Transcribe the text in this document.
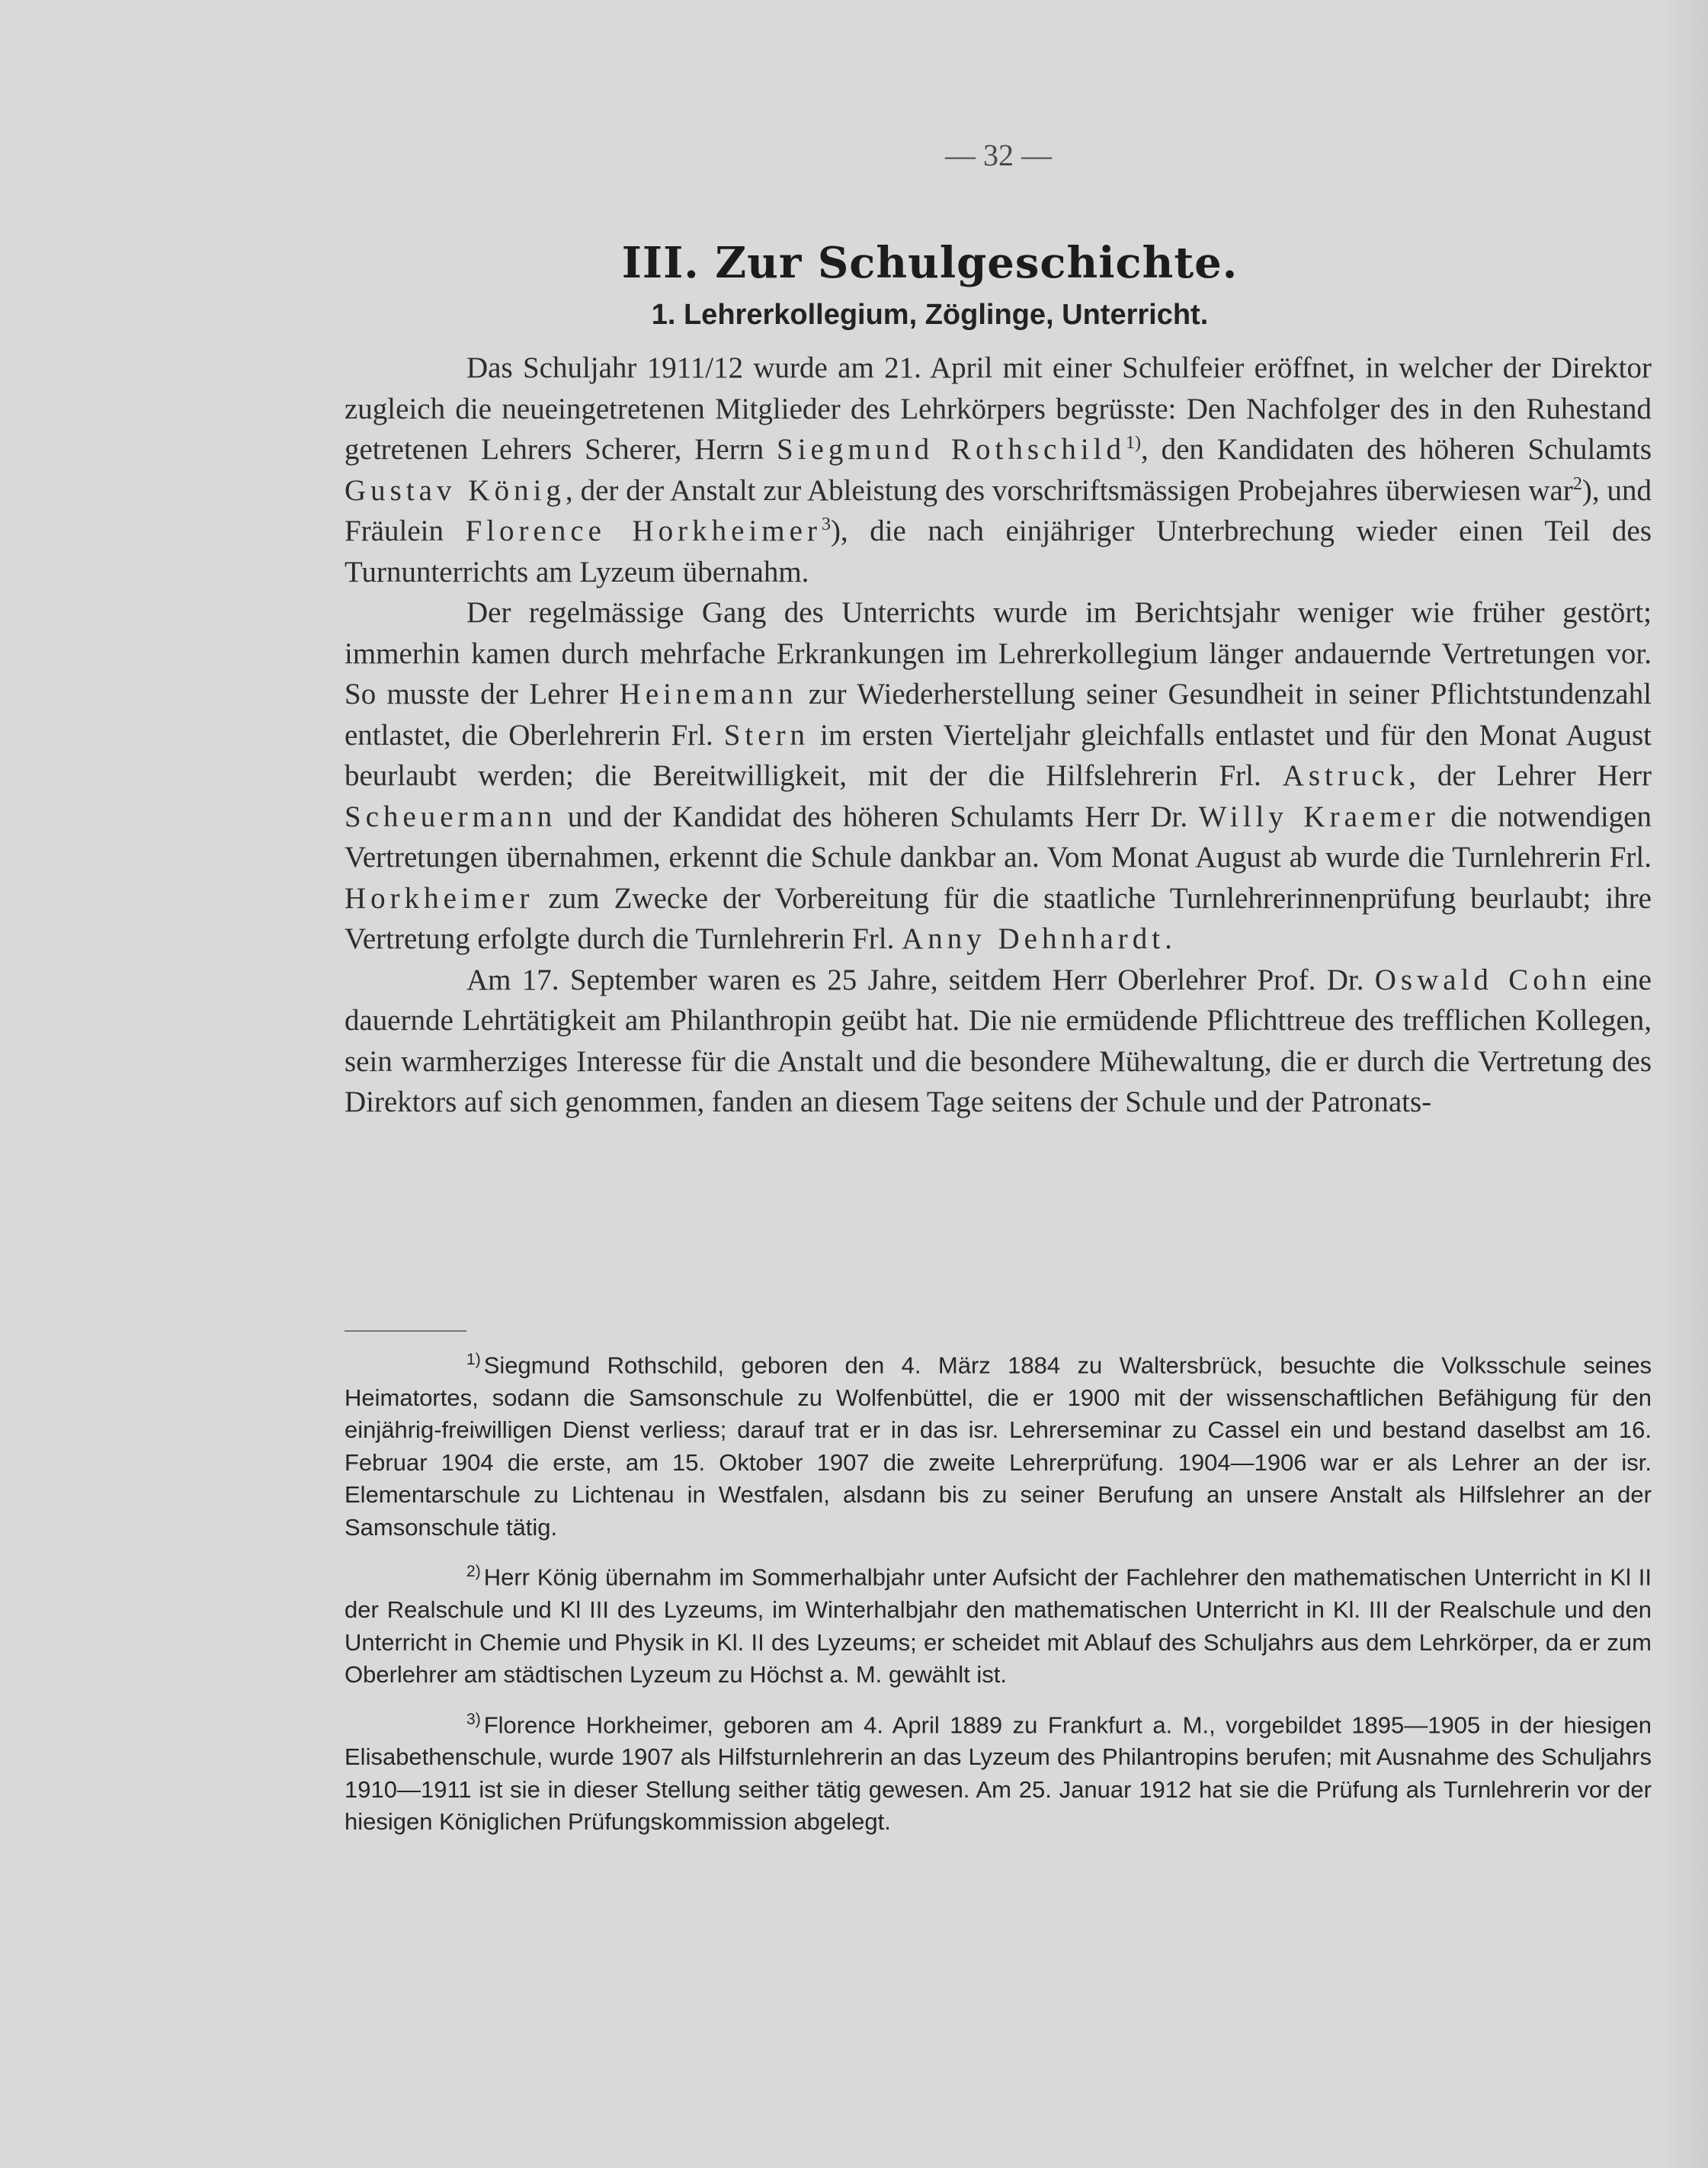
— 32 —
III. Zur Schulgeschichte.
1. Lehrerkollegium, Zöglinge, Unterricht.

Das Schuljahr 1911/12 wurde am 21. April mit einer Schulfeier eröffnet, in welcher der Direktor zugleich die neueingetretenen Mitglieder des Lehrkörpers begrüsste: Den Nachfolger des in den Ruhestand getretenen Lehrers Scherer, Herrn Siegmund Rothschild$^{1)}$, den Kandidaten des höheren Schulamts Gustav König, der der Anstalt zur Ableistung des vorschriftsmässigen Probejahres überwiesen war$^2$), und Fräulein Florence Horkheimer$^3$), die nach einjähriger Unterbrechung wieder einen Teil des Turnunterrichts am Lyzeum übernahm.

Der regelmässige Gang des Unterrichts wurde im Berichtsjahr weniger wie früher gestört; immerhin kamen durch mehrfache Erkrankungen im Lehrerkollegium länger andauernde Vertretungen vor. So musste der Lehrer Heinemann zur Wiederherstellung seiner Gesundheit in seiner Pflichtstundenzahl entlastet, die Oberlehrerin Frl. Stern im ersten Vierteljahr gleichfalls entlastet und für den Monat August beurlaubt werden; die Bereitwilligkeit, mit der die Hilfslehrerin Frl. Astruck, der Lehrer Herr Scheuermann und der Kandidat des höheren Schulamts Herr Dr. Willy Kraemer die notwendigen Vertretungen übernahmen, erkennt die Schule dankbar an. Vom Monat August ab wurde die Turnlehrerin Frl. Horkheimer zum Zwecke der Vorbereitung für die staatliche Turnlehrerinnenprüfung beurlaubt; ihre Vertretung erfolgte durch die Turnlehrerin Frl. Anny Dehnhardt.

Am 17. September waren es 25 Jahre, seitdem Herr Oberlehrer Prof. Dr. Oswald Cohn eine dauernde Lehrtätigkeit am Philanthropin geübt hat. Die nie ermüdende Pflichttreue des trefflichen Kollegen, sein warmherziges Interesse für die Anstalt und die besondere Mühewaltung, die er durch die Vertretung des Direktors auf sich genommen, fanden an diesem Tage seitens der Schule und der Patronats-

$^{1)}$ Siegmund Rothschild, geboren den 4. März 1884 zu Waltersbrück, besuchte die Volksschule seines Heimatortes, sodann die Samsonschule zu Wolfenbüttel, die er 1900 mit der wissenschaftlichen Befähigung für den einjährig-freiwilligen Dienst verliess; darauf trat er in das isr. Lehrerseminar zu Cassel ein und bestand daselbst am 16. Februar 1904 die erste, am 15. Oktober 1907 die zweite Lehrerprüfung. 1904—1906 war er als Lehrer an der isr. Elementarschule zu Lichtenau in Westfalen, alsdann bis zu seiner Berufung an unsere Anstalt als Hilfslehrer an der Samsonschule tätig.

$^{2)}$ Herr König übernahm im Sommerhalbjahr unter Aufsicht der Fachlehrer den mathematischen Unterricht in Kl II der Realschule und Kl III des Lyzeums, im Winterhalbjahr den mathematischen Unterricht in Kl. III der Realschule und den Unterricht in Chemie und Physik in Kl. II des Lyzeums; er scheidet mit Ablauf des Schuljahrs aus dem Lehrkörper, da er zum Oberlehrer am städtischen Lyzeum zu Höchst a. M. gewählt ist.

$^{3)}$ Florence Horkheimer, geboren am 4. April 1889 zu Frankfurt a. M., vorgebildet 1895—1905 in der hiesigen Elisabethenschule, wurde 1907 als Hilfsturnlehrerin an das Lyzeum des Philantropins berufen; mit Ausnahme des Schuljahrs 1910—1911 ist sie in dieser Stellung seither tätig gewesen. Am 25. Januar 1912 hat sie die Prüfung als Turnlehrerin vor der hiesigen Königlichen Prüfungskommission abgelegt.
